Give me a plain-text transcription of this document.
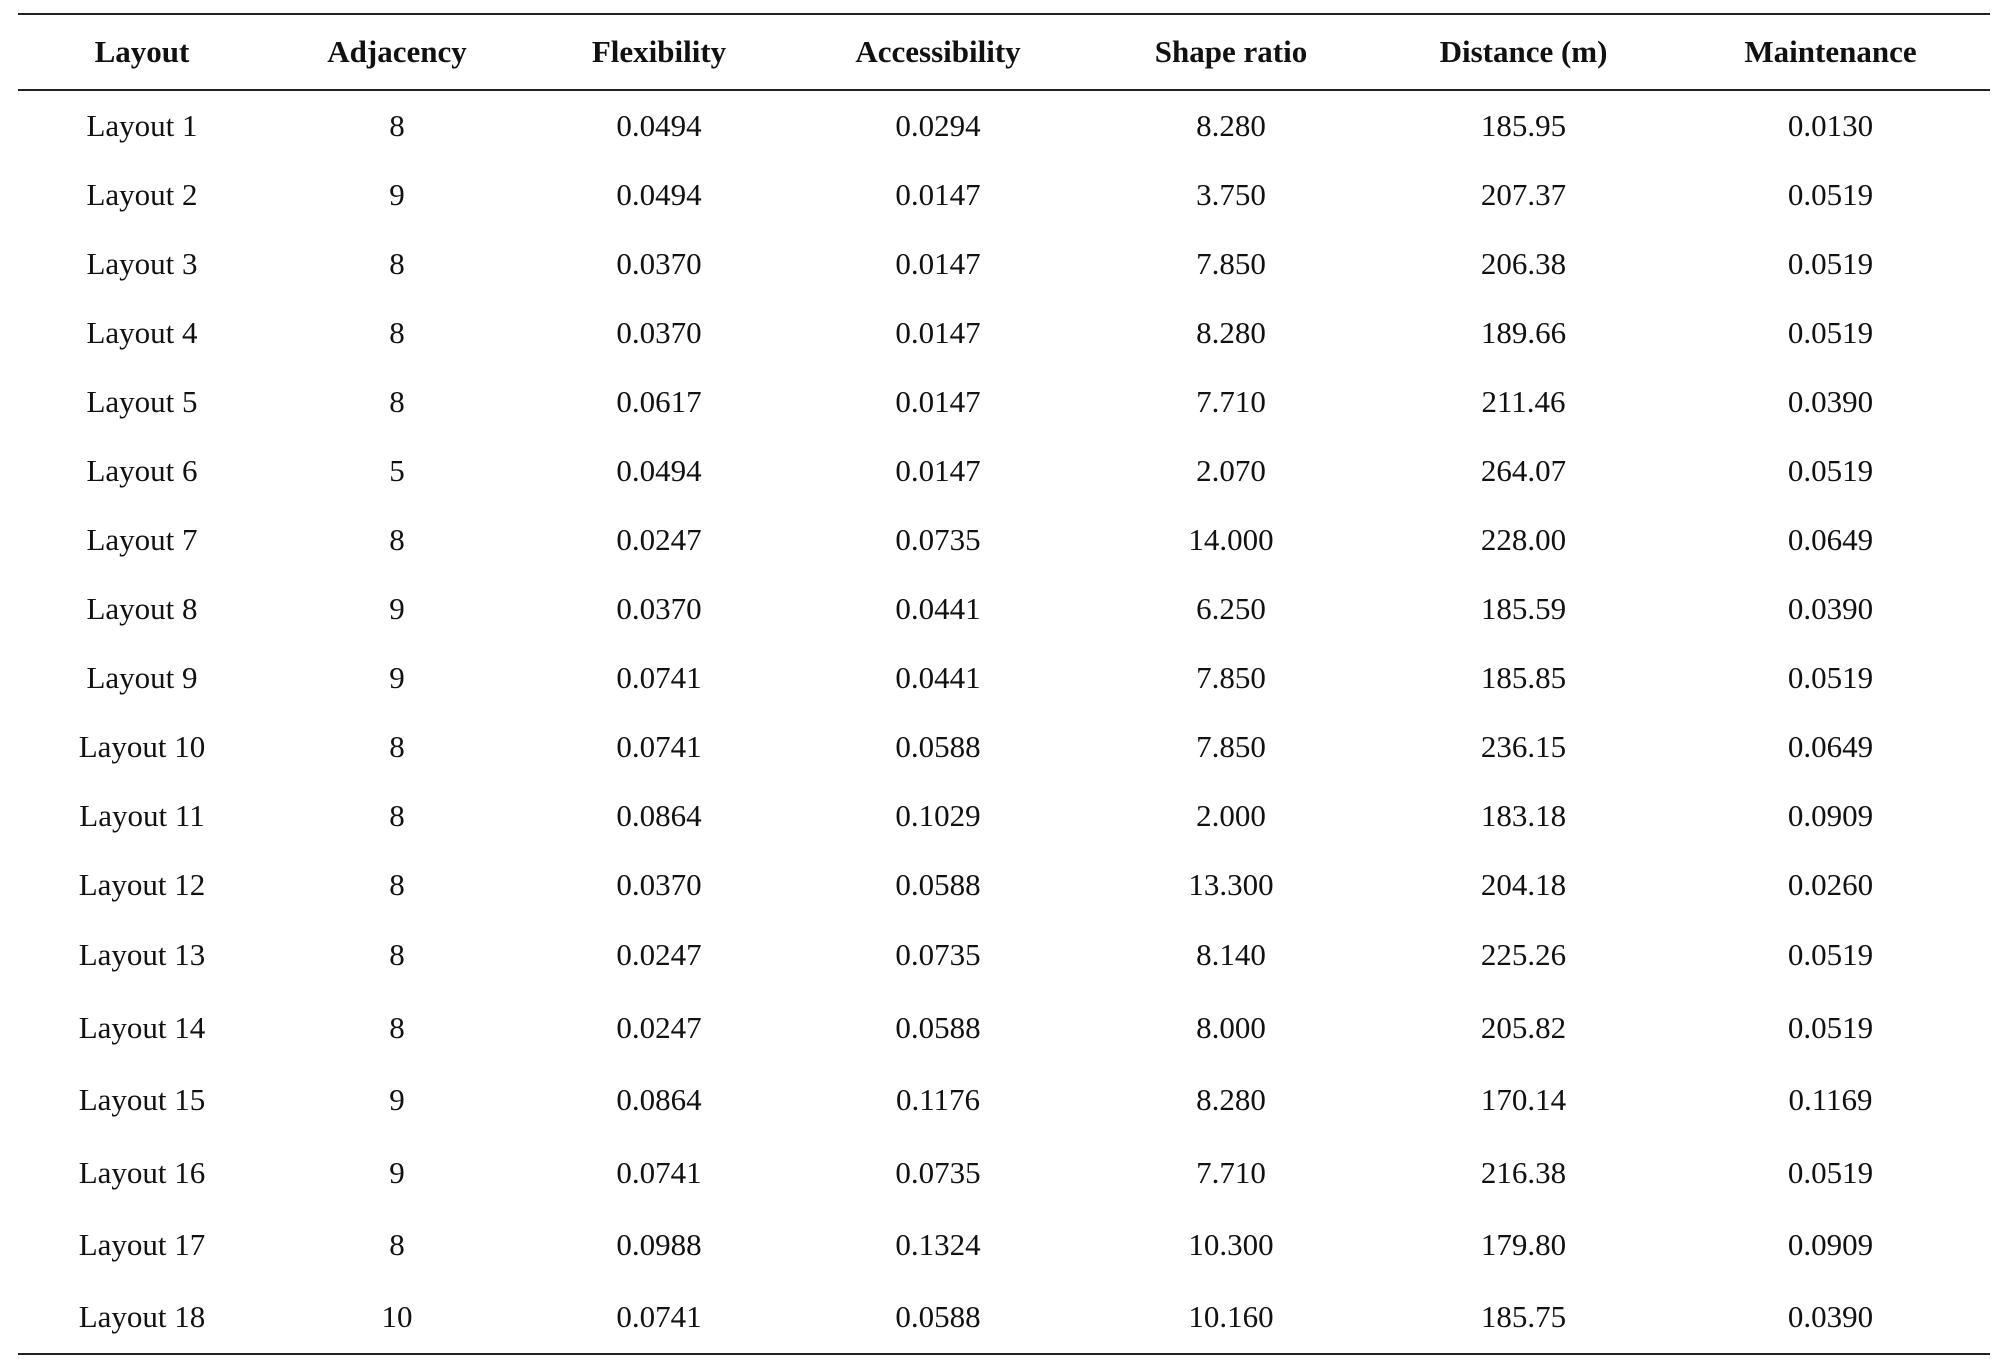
Layout	Adjacency	Flexibility	Accessibility	Shape ratio	Distance (m)	Maintenance
Layout 1	8	0.0494	0.0294	8.280	185.95	0.0130
Layout 2	9	0.0494	0.0147	3.750	207.37	0.0519
Layout 3	8	0.0370	0.0147	7.850	206.38	0.0519
Layout 4	8	0.0370	0.0147	8.280	189.66	0.0519
Layout 5	8	0.0617	0.0147	7.710	211.46	0.0390
Layout 6	5	0.0494	0.0147	2.070	264.07	0.0519
Layout 7	8	0.0247	0.0735	14.000	228.00	0.0649
Layout 8	9	0.0370	0.0441	6.250	185.59	0.0390
Layout 9	9	0.0741	0.0441	7.850	185.85	0.0519
Layout 10	8	0.0741	0.0588	7.850	236.15	0.0649
Layout 11	8	0.0864	0.1029	2.000	183.18	0.0909
Layout 12	8	0.0370	0.0588	13.300	204.18	0.0260
Layout 13	8	0.0247	0.0735	8.140	225.26	0.0519
Layout 14	8	0.0247	0.0588	8.000	205.82	0.0519
Layout 15	9	0.0864	0.1176	8.280	170.14	0.1169
Layout 16	9	0.0741	0.0735	7.710	216.38	0.0519
Layout 17	8	0.0988	0.1324	10.300	179.80	0.0909
Layout 18	10	0.0741	0.0588	10.160	185.75	0.0390
